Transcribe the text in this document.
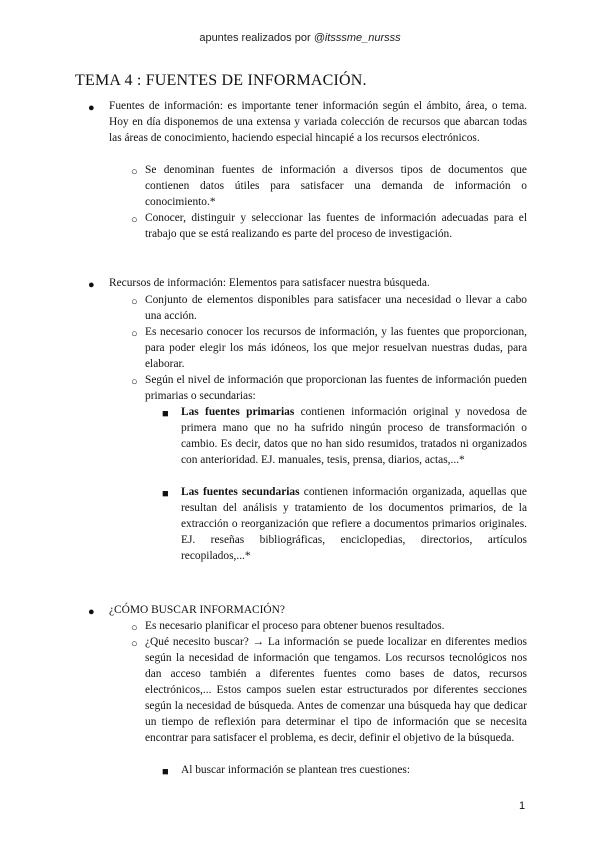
apuntes realizados por @itsssme_nursss
TEMA 4 : FUENTES DE INFORMACIÓN.
● Fuentes de información: es importante tener información según el ámbito, área, o tema. Hoy en día disponemos de una extensa y variada colección de recursos que abarcan todas las áreas de conocimiento, haciendo especial hincapié a los recursos electrónicos.
○ Se denominan fuentes de información a diversos tipos de documentos que contienen datos útiles para satisfacer una demanda de información o conocimiento.*
○ Conocer, distinguir y seleccionar las fuentes de información adecuadas para el trabajo que se está realizando es parte del proceso de investigación.
● Recursos de información: Elementos para satisfacer nuestra búsqueda.
○ Conjunto de elementos disponibles para satisfacer una necesidad o llevar a cabo una acción.
○ Es necesario conocer los recursos de información, y las fuentes que proporcionan, para poder elegir los más idóneos, los que mejor resuelvan nuestras dudas, para elaborar.
○ Según el nivel de información que proporcionan las fuentes de información pueden primarias o secundarias:
■ Las fuentes primarias contienen información original y novedosa de primera mano que no ha sufrido ningún proceso de transformación o cambio. Es decir, datos que no han sido resumidos, tratados ni organizados con anterioridad. EJ. manuales, tesis, prensa, diarios, actas,...*
■ Las fuentes secundarias contienen información organizada, aquellas que resultan del análisis y tratamiento de los documentos primarios, de la extracción o reorganización que refiere a documentos primarios originales. EJ. reseñas bibliográficas, enciclopedias, directorios, artículos recopilados,...*
● ¿CÓMO BUSCAR INFORMACIÓN?
○ Es necesario planificar el proceso para obtener buenos resultados.
○ ¿Qué necesito buscar? → La información se puede localizar en diferentes medios según la necesidad de información que tengamos. Los recursos tecnológicos nos dan acceso también a diferentes fuentes como bases de datos, recursos electrónicos,... Estos campos suelen estar estructurados por diferentes secciones según la necesidad de búsqueda. Antes de comenzar una búsqueda hay que dedicar un tiempo de reflexión para determinar el tipo de información que se necesita encontrar para satisfacer el problema, es decir, definir el objetivo de la búsqueda.
■ Al buscar información se plantean tres cuestiones:
1
